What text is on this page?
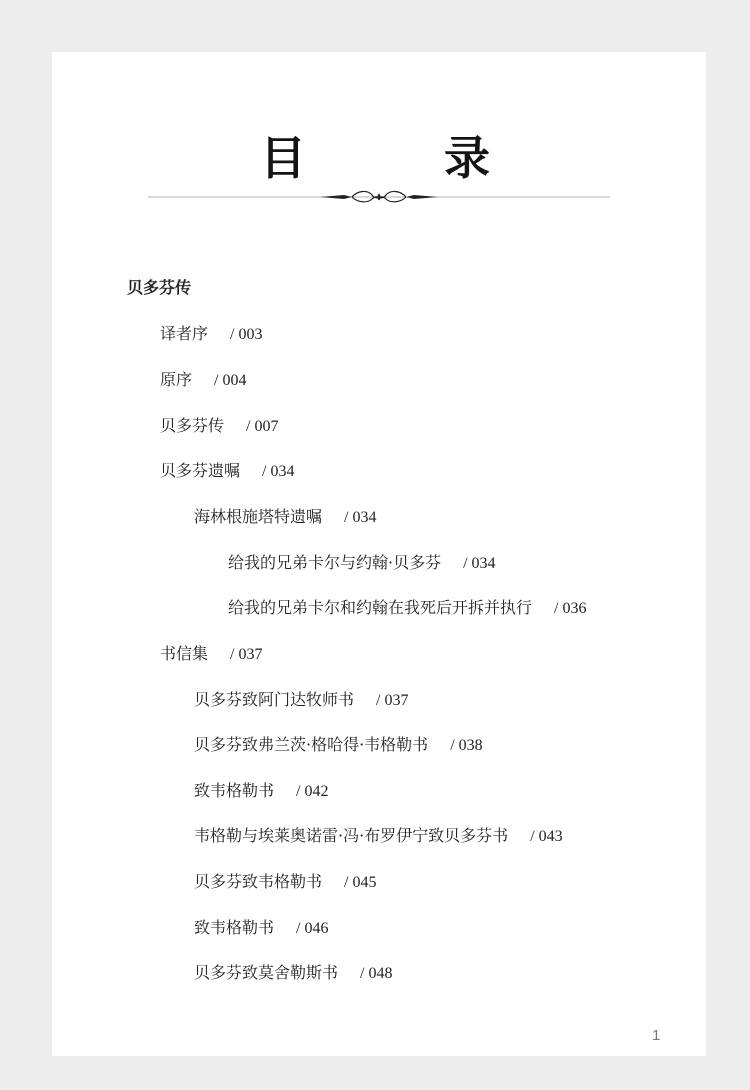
目　录
贝多芬传
译者序 / 003
原序 / 004
贝多芬传 / 007
贝多芬遗嘱 / 034
海林根施塔特遗嘱 / 034
给我的兄弟卡尔与约翰·贝多芬 / 034
给我的兄弟卡尔和约翰在我死后开拆并执行 / 036
书信集 / 037
贝多芬致阿门达牧师书 / 037
贝多芬致弗兰茨·格哈得·韦格勒书 / 038
致韦格勒书 / 042
韦格勒与埃莱奥诺雷·冯·布罗伊宁致贝多芬书 / 043
贝多芬致韦格勒书 / 045
致韦格勒书 / 046
贝多芬致莫舍勒斯书 / 048
1
